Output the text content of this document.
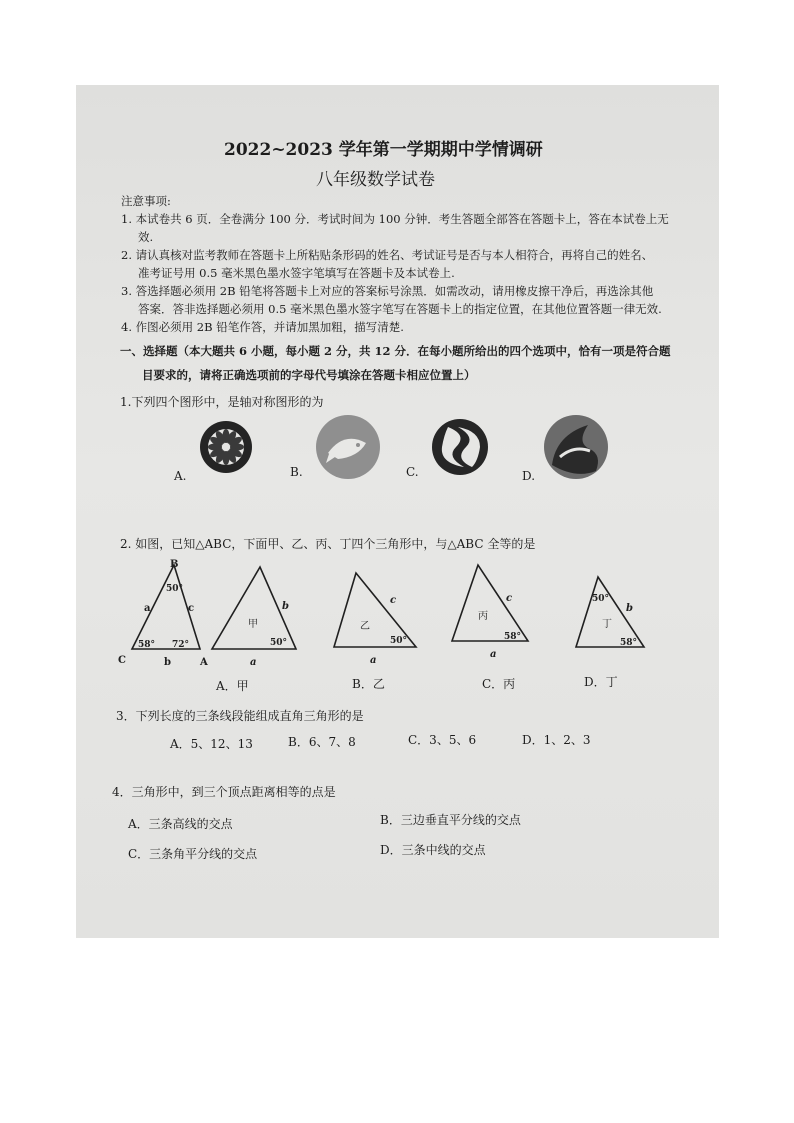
2022~2023 学年第一学期期中学情调研
八年级数学试卷
注意事项:
1. 本试卷共 6 页．全卷满分 100 分．考试时间为 100 分钟．考生答题全部答在答题卡上，答在本试卷上无
效.
2. 请认真核对监考教师在答题卡上所粘贴条形码的姓名、考试证号是否与本人相符合，再将自己的姓名、
准考证号用 0.5 毫米黑色墨水签字笔填写在答题卡及本试卷上.
3. 答选择题必须用 2B 铅笔将答题卡上对应的答案标号涂黑．如需改动，请用橡皮擦干净后，再选涂其他
答案．答非选择题必须用 0.5 毫米黑色墨水签字笔写在答题卡上的指定位置，在其他位置答题一律无效.
4. 作图必须用 2B 铅笔作答，并请加黑加粗，描写清楚.
一、选择题（本大题共 6 小题，每小题 2 分，共 12 分．在每小题所给出的四个选项中，恰有一项是符合题
目要求的，请将正确选项前的字母代号填涂在答题卡相应位置上）
1.下列四个图形中，是轴对称图形的为
A.	B.	C.	D.
2. 如图，已知△ABC，下面甲、乙、丙、丁四个三角形中，与△ABC 全等的是
B
A
C
a
b
c
50°
58° 72°
甲
b
a
50°
乙
c
a
50°
丙
c
a
58°
丁
b
50°
58°
A．甲	B．乙	C．丙	D．丁
3．下列长度的三条线段能组成直角三角形的是
A．5、12、13	B．6、7、8	C．3、5、6	D．1、2、3
4．三角形中，到三个顶点距离相等的点是
A．三条高线的交点	B．三边垂直平分线的交点
C．三条角平分线的交点	D．三条中线的交点
